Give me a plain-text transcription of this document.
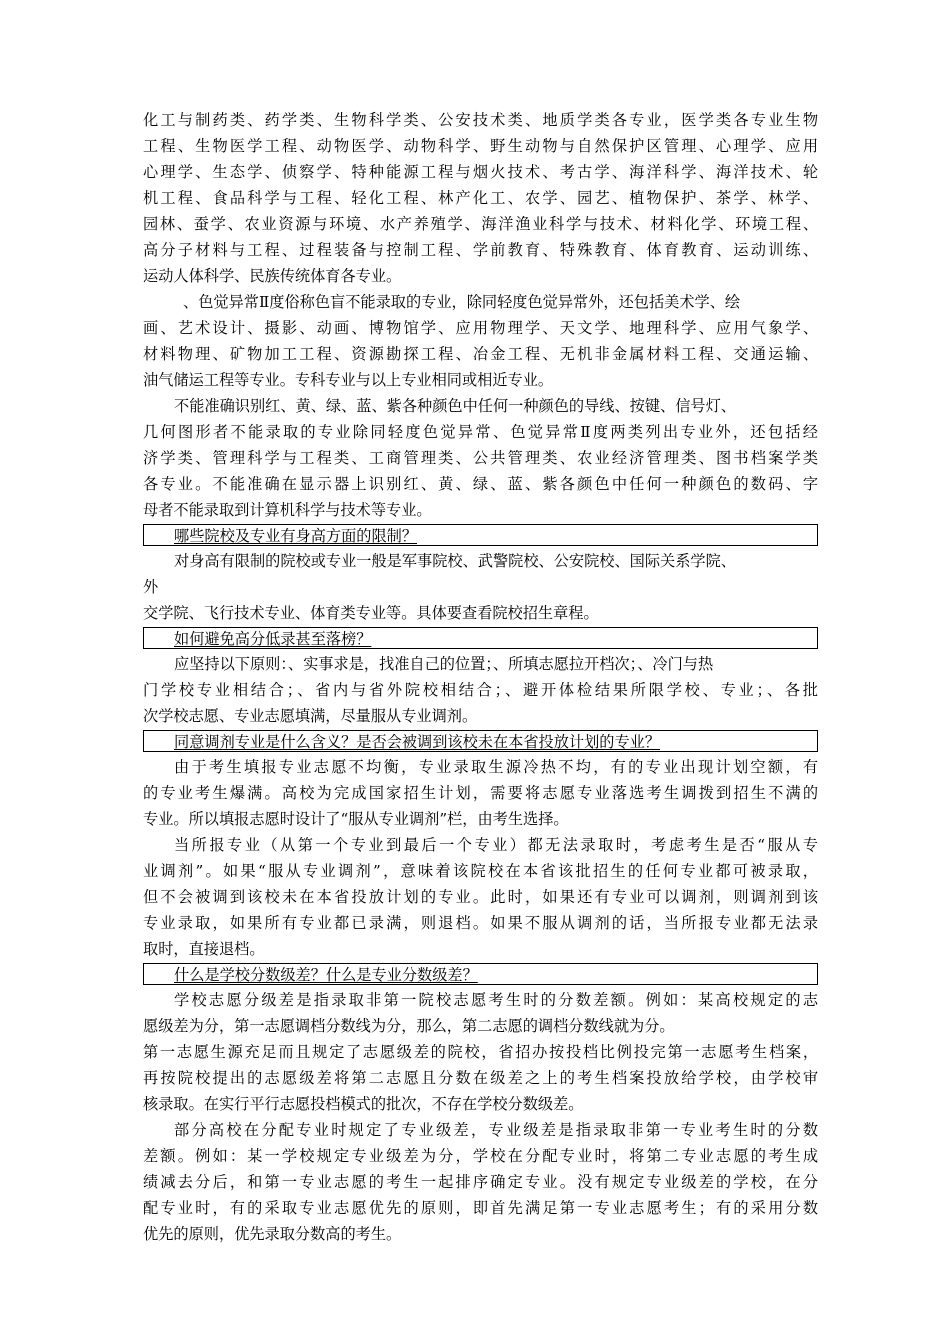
化工与制药类、药学类、生物科学类、公安技术类、地质学类各专业，医学类各专业生物
工程、生物医学工程、动物医学、动物科学、野生动物与自然保护区管理、心理学、应用
心理学、生态学、侦察学、特种能源工程与烟火技术、考古学、海洋科学、海洋技术、轮
机工程、食品科学与工程、轻化工程、林产化工、农学、园艺、植物保护、茶学、林学、
园林、蚕学、农业资源与环境、水产养殖学、海洋渔业科学与技术、材料化学、环境工程、
高分子材料与工程、过程装备与控制工程、学前教育、特殊教育、体育教育、运动训练、
运动人体科学、民族传统体育各专业。
、色觉异常Ⅱ度俗称色盲不能录取的专业，除同轻度色觉异常外，还包括美术学、绘
画、艺术设计、摄影、动画、博物馆学、应用物理学、天文学、地理科学、应用气象学、
材料物理、矿物加工工程、资源勘探工程、冶金工程、无机非金属材料工程、交通运输、
油气储运工程等专业。专科专业与以上专业相同或相近专业。
不能准确识别红、黄、绿、蓝、紫各种颜色中任何一种颜色的导线、按键、信号灯、
几何图形者不能录取的专业除同轻度色觉异常、色觉异常Ⅱ度两类列出专业外，还包括经
济学类、管理科学与工程类、工商管理类、公共管理类、农业经济管理类、图书档案学类
各专业。不能准确在显示器上识别红、黄、绿、蓝、紫各颜色中任何一种颜色的数码、字
母者不能录取到计算机科学与技术等专业。
哪些院校及专业有身高方面的限制？
对身高有限制的院校或专业一般是军事院校、武警院校、公安院校、国际关系学院、
外
交学院、飞行技术专业、体育类专业等。具体要查看院校招生章程。
如何避免高分低录甚至落榜？
应坚持以下原则：、实事求是，找准自己的位置；、所填志愿拉开档次；、冷门与热
门学校专业相结合；、省内与省外院校相结合；、避开体检结果所限学校、专业；、各批
次学校志愿、专业志愿填满，尽量服从专业调剂。
同意调剂专业是什么含义？是否会被调到该校未在本省投放计划的专业？
由于考生填报专业志愿不均衡，专业录取生源冷热不均，有的专业出现计划空额，有
的专业考生爆满。高校为完成国家招生计划，需要将志愿专业落选考生调拨到招生不满的
专业。所以填报志愿时设计了“服从专业调剂”栏，由考生选择。
当所报专业（从第一个专业到最后一个专业）都无法录取时，考虑考生是否“服从专
业调剂”。如果“服从专业调剂”，意味着该院校在本省该批招生的任何专业都可被录取，
但不会被调到该校未在本省投放计划的专业。此时，如果还有专业可以调剂，则调剂到该
专业录取，如果所有专业都已录满，则退档。如果不服从调剂的话，当所报专业都无法录
取时，直接退档。
什么是学校分数级差？什么是专业分数级差？
学校志愿分级差是指录取非第一院校志愿考生时的分数差额。例如：某高校规定的志
愿级差为分，第一志愿调档分数线为分，那么，第二志愿的调档分数线就为分。
第一志愿生源充足而且规定了志愿级差的院校，省招办按投档比例投完第一志愿考生档案，
再按院校提出的志愿级差将第二志愿且分数在级差之上的考生档案投放给学校，由学校审
核录取。在实行平行志愿投档模式的批次，不存在学校分数级差。
部分高校在分配专业时规定了专业级差，专业级差是指录取非第一专业考生时的分数
差额。例如：某一学校规定专业级差为分，学校在分配专业时，将第二专业志愿的考生成
绩减去分后，和第一专业志愿的考生一起排序确定专业。没有规定专业级差的学校，在分
配专业时，有的采取专业志愿优先的原则，即首先满足第一专业志愿考生；有的采用分数
优先的原则，优先录取分数高的考生。
